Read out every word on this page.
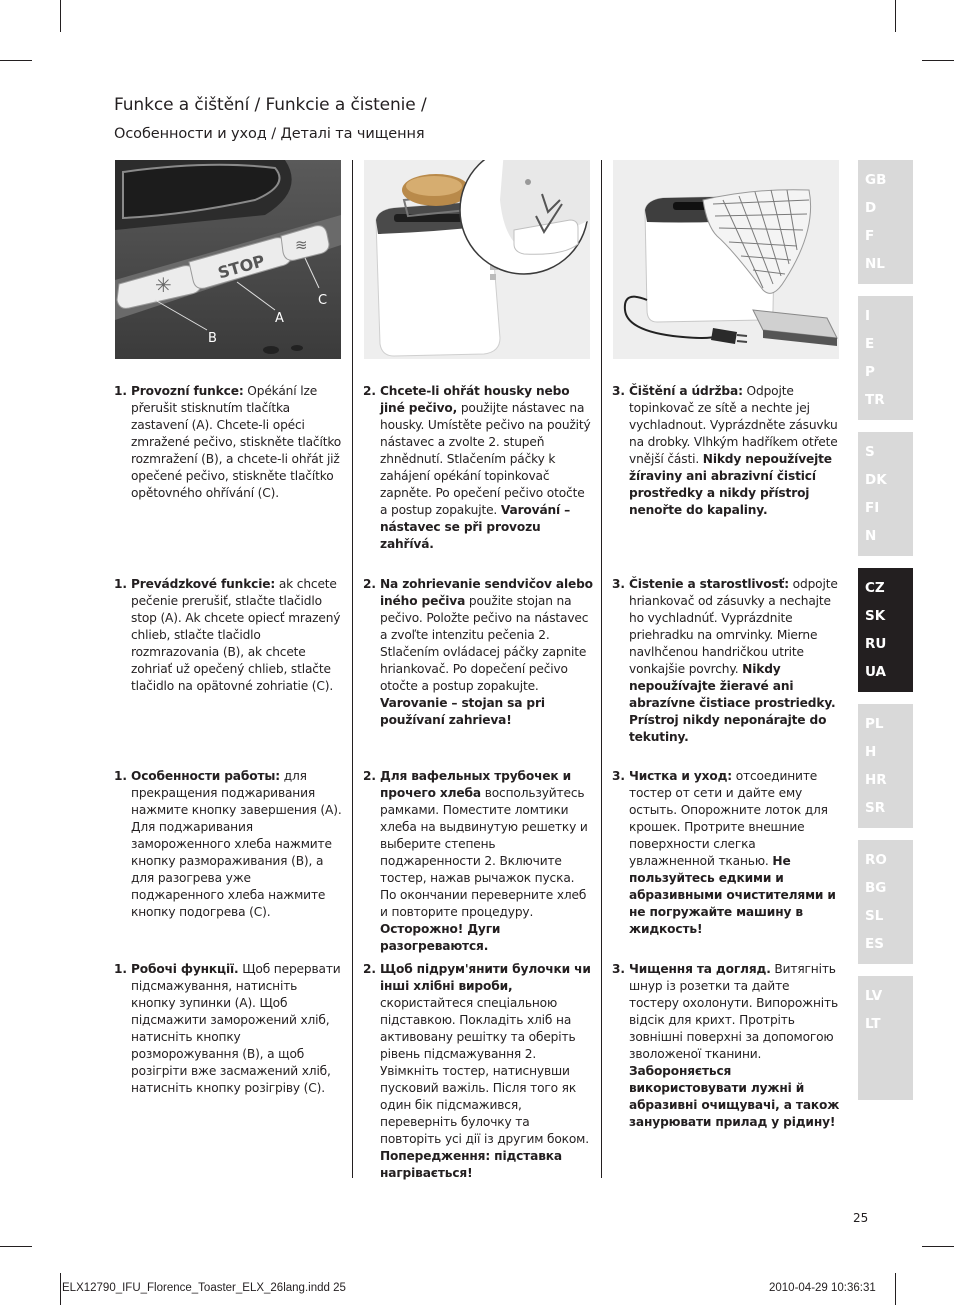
Funkce a čištění / Funkcie a čistenie /
Особенности и уход / Деталі та чищення
✳
STOP
≋
B
A
C
1. Provozní funkce: Opékání lze přerušit stisknutím tlačítka zastavení (A). Chcete-li opéci zmražené pečivo, stiskněte tlačítko rozmražení (B), a chcete-li ohřát již opečené pečivo, stiskněte tlačítko opětovného ohřívání (C).
2. Chcete-li ohřát housky nebo jiné pečivo, použijte nástavec na housky. Umístěte pečivo na použitý nástavec a zvolte 2. stupeň zhnědnutí. Stlačením páčky k zahájení opékání topinkovač zapněte. Po opečení pečivo otočte a postup zopakujte. Varování – nástavec se při provozu zahřívá.
3. Čištění a údržba: Odpojte topinkovač ze sítě a nechte jej vychladnout. Vyprázdněte zásuvku na drobky. Vlhkým hadříkem otřete vnější části. Nikdy nepoužívejte žíraviny ani abrazivní čisticí prostředky a nikdy přístroj nenořte do kapaliny.
1. Prevádzkové funkcie: ak chcete pečenie prerušiť, stlačte tlačidlo stop (A). Ak chcete opiecť mrazený chlieb, stlačte tlačidlo rozmrazovania (B), ak chcete zohriať už opečený chlieb, stlačte tlačidlo na opätovné zohriatie (C).
2. Na zohrievanie sendvičov alebo iného pečiva použite stojan na pečivo. Položte pečivo na nástavec a zvoľte intenzitu pečenia 2. Stlačením ovládacej páčky zapnite hriankovač. Po dopečení pečivo otočte a postup zopakujte. Varovanie – stojan sa pri používaní zahrieva!
3. Čistenie a starostlivosť: odpojte hriankovač od zásuvky a nechajte ho vychladnúť. Vyprázdnite priehradku na omrvinky. Mierne navlhčenou handričkou utrite vonkajšie povrchy. Nikdy nepoužívajte žieravé ani abrazívne čistiace prostriedky. Prístroj nikdy neponárajte do tekutiny.
1. Особенности работы: для прекращения поджаривания нажмите кнопку завершения (A). Для поджаривания замороженного хлеба нажмите кнопку размораживания (B), а для разогрева уже поджаренного хлеба нажмите кнопку подогрева (C).
2. Для вафельных трубочек и прочего хлеба воспользуйтесь рамками. Поместите ломтики хлеба на выдвинутую решетку и выберите степень поджаренности 2. Включите тостер, нажав рычажок пуска. По окончании переверните хлеб и повторите процедуру. Осторожно! Дуги разогреваются.
3. Чистка и уход: отсоедините тостер от сети и дайте ему остыть. Опорожните лоток для крошек. Протрите внешние поверхности слегка увлажненной тканью. Не пользуйтесь едкими и абразивными очистителями и не погружайте машину в жидкость!
1. Робочі функції. Щоб перервати підсмажування, натисніть кнопку зупинки (A). Щоб підсмажити заморожений хліб, натисніть кнопку розморожування (B), а щоб розігріти вже засмажений хліб, натисніть кнопку розігріву (C).
2. Щоб підрум'янити булочки чи інші хлібні вироби, скористайтеся спеціальною підставкою. Покладіть хліб на активовану решітку та оберіть рівень підсмажування 2. Увімкніть тостер, натиснувши пусковий важіль. Після того як один бік підсмажився, переверніть булочку та повторіть усі дії із другим боком. Попередження: підставка нагрівається!
3. Чищення та догляд. Витягніть шнур із розетки та дайте тостеру охолонути. Випорожніть відсік для крихт. Протріть зовнішні поверхні за допомогою зволоженої тканини. Забороняється використовувати лужні й абразивні очищувачі, а також занурювати прилад у рідину!
GB
D
F
NL
I
E
P
TR
S
DK
FI
N
CZ
SK
RU
UA
PL
H
HR
SR
RO
BG
SL
ES
LV
LT
25
ELX12790_IFU_Florence_Toaster_ELX_26lang.indd 25	2010-04-29 10:36:31
